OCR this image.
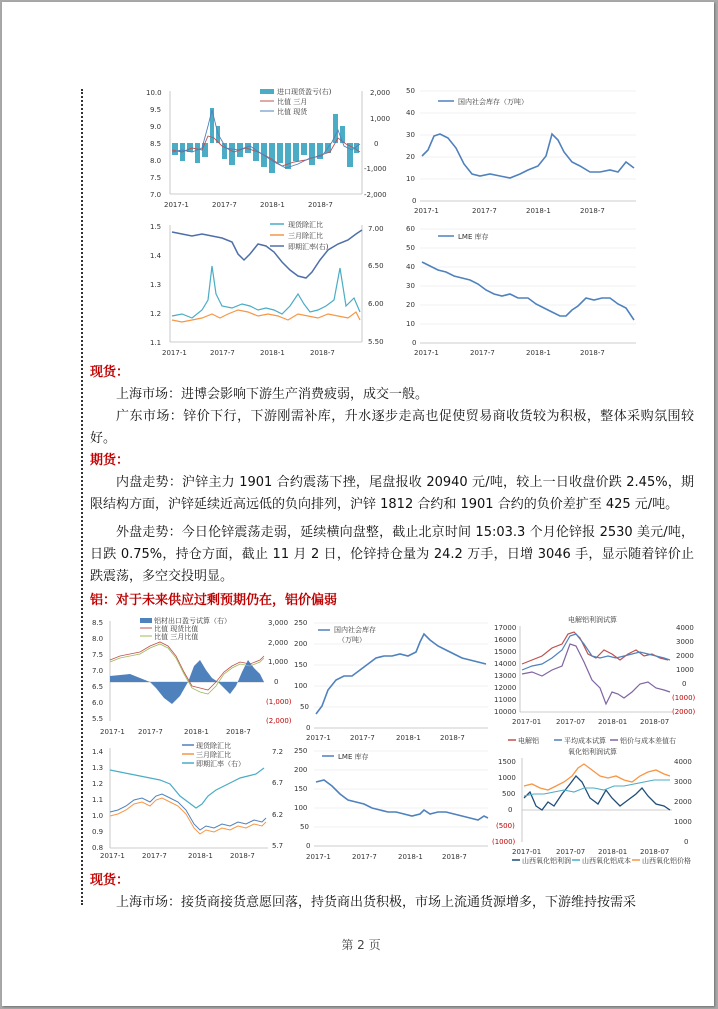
进口现货盈亏(右)
比值 三月
比值 现货
10.0
9.5
9.0
8.5
8.0
7.5
7.0
2,000
1,000
0
-1,000
-2,000
2017-1	2017-7	2018-1	2018-7
国内社会库存（万吨）
50
40
30
20
10
0
2017-1	2017-7	2018-1	2018-7
现货除汇比
三月除汇比
即期汇率(右)
1.5
1.4
1.3
1.2
1.1
7.00
6.50
6.00
5.50
2017-1	2017-7	2018-1	2018-7
LME 库存
60
50
40
30
20
10
0
2017-1	2017-7	2018-1	2018-7
现货：

上海市场：进博会影响下游生产消费疲弱，成交一般。

广东市场：锌价下行，下游刚需补库，升水逐步走高也促使贸易商收货较为积极，整体采购氛围较好。

期货：

内盘走势：沪锌主力 1901 合约震荡下挫，尾盘报收 20940 元/吨，较上一日收盘价跌 2.45%，期限结构方面，沪锌延续近高远低的负向排列，沪锌 1812 合约和 1901 合约的负价差扩至 425 元/吨。

外盘走势：今日伦锌震荡走弱，延续横向盘整，截止北京时间 15:03.3 个月伦锌报 2530 美元/吨，日跌 0.75%，持仓方面，截止 11 月 2 日，伦锌持仓量为 24.2 万手，日增 3046 手，显示随着锌价止跌震荡，多空交投明显。

铝：对于未来供应过剩预期仍在，铝价偏弱
铝材出口盈亏试算（右）
比值 现货比值
比值 三月比值
8.5
8.0
7.5
7.0
6.5
6.0
5.5
3,000
2,000
1,000
0
(1,000)
(2,000)
2017-1 2017-7	2018-1 2018-7
国内社会库存
（万吨）
250
200
150
100
50
0
2017-1	2017-7	2018-1	2018-7
电解铝利润试算
17000
16000
15000
14000
13000
12000
11000
10000
4000
3000
2000
1000
0
(1000)
(2000)
2017-01 2017-07 2018-01 2018-07
电解铝	平均成本试算 铝价与成本差值右
现货除汇比
三月除汇比
即期汇率（右）
1.4
1.3
1.2
1.1
1.0
0.9
0.8
7.2
6.7
6.2
5.7
2017-1 2017-7	2018-1 2018-7
LME 库存
250
200
150
100
50
0
2017-1	2017-7	2018-1	2018-7
氧化铝利润试算
1500
1000
500
0
(500)
(1000)
4000
3000
2000
1000
0
2017-01 2017-07 2018-01 2018-07
山西氧化铝利润 山西氧化铝成本 山西氧化铝价格
现货：

上海市场：接货商接货意愿回落，持货商出货积极，市场上流通货源增多，下游维持按需采

第 2 页
